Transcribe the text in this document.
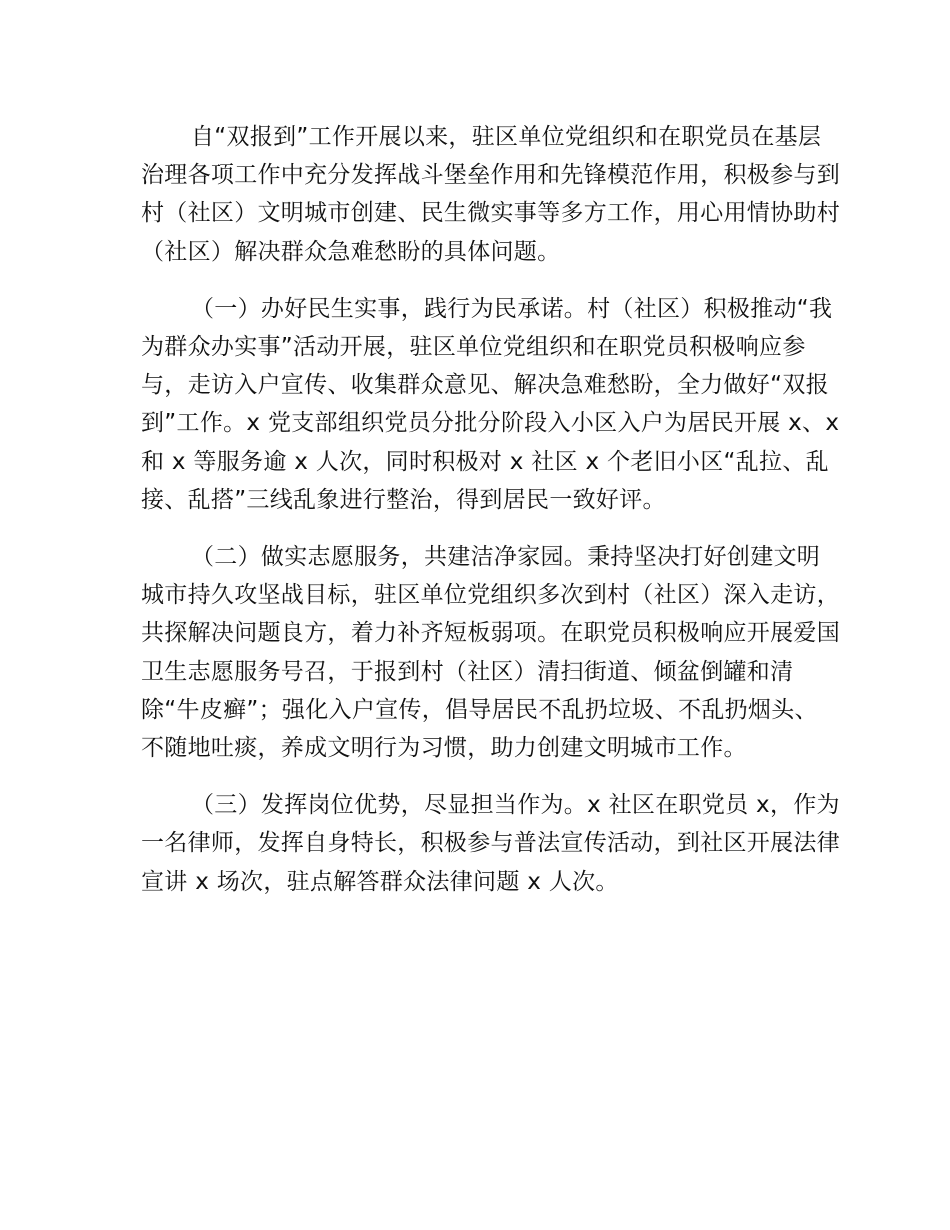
自“双报到”工作开展以来，驻区单位党组织和在职党员在基层治理各项工作中充分发挥战斗堡垒作用和先锋模范作用，积极参与到村（社区）文明城市创建、民生微实事等多方工作，用心用情协助村（社区）解决群众急难愁盼的具体问题。

（一）办好民生实事，践行为民承诺。村（社区）积极推动“我为群众办实事”活动开展，驻区单位党组织和在职党员积极响应参与，走访入户宣传、收集群众意见、解决急难愁盼，全力做好“双报到”工作。x 党支部组织党员分批分阶段入小区入户为居民开展 x、x 和 x 等服务逾 x 人次，同时积极对 x 社区 x 个老旧小区“乱拉、乱接、乱搭”三线乱象进行整治，得到居民一致好评。

（二）做实志愿服务，共建洁净家园。秉持坚决打好创建文明城市持久攻坚战目标，驻区单位党组织多次到村（社区）深入走访，共探解决问题良方，着力补齐短板弱项。在职党员积极响应开展爱国卫生志愿服务号召，于报到村（社区）清扫街道、倾盆倒罐和清除“牛皮癣”；强化入户宣传，倡导居民不乱扔垃圾、不乱扔烟头、不随地吐痰，养成文明行为习惯，助力创建文明城市工作。

（三）发挥岗位优势，尽显担当作为。x 社区在职党员 x，作为一名律师，发挥自身特长，积极参与普法宣传活动，到社区开展法律宣讲 x 场次，驻点解答群众法律问题 x 人次。
